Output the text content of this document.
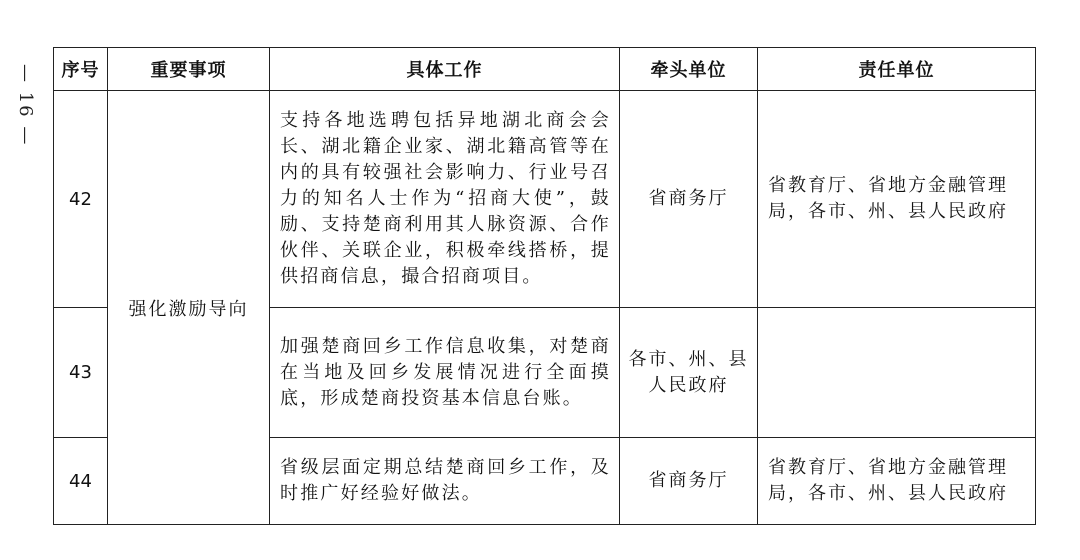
— 16 — 序号	重要事项	具体工作	牵头单位	责任单位
42	强化激励导向	支持各地选聘包括异地湖北商会会长、湖北籍企业家、湖北籍高管等在内的具有较强社会影响力、行业号召力的知名人士作为“招商大使”，鼓励、支持楚商利用其人脉资源、合作伙伴、关联企业，积极牵线搭桥，提供招商信息，撮合招商项目。	省商务厅	省教育厅、省地方金融管理局，各市、州、县人民政府
43		加强楚商回乡工作信息收集，对楚商在当地及回乡发展情况进行全面摸底，形成楚商投资基本信息台账。	各市、州、县人民政府	
44		省级层面定期总结楚商回乡工作，及时推广好经验好做法。	省商务厅	省教育厅、省地方金融管理局，各市、州、县人民政府
